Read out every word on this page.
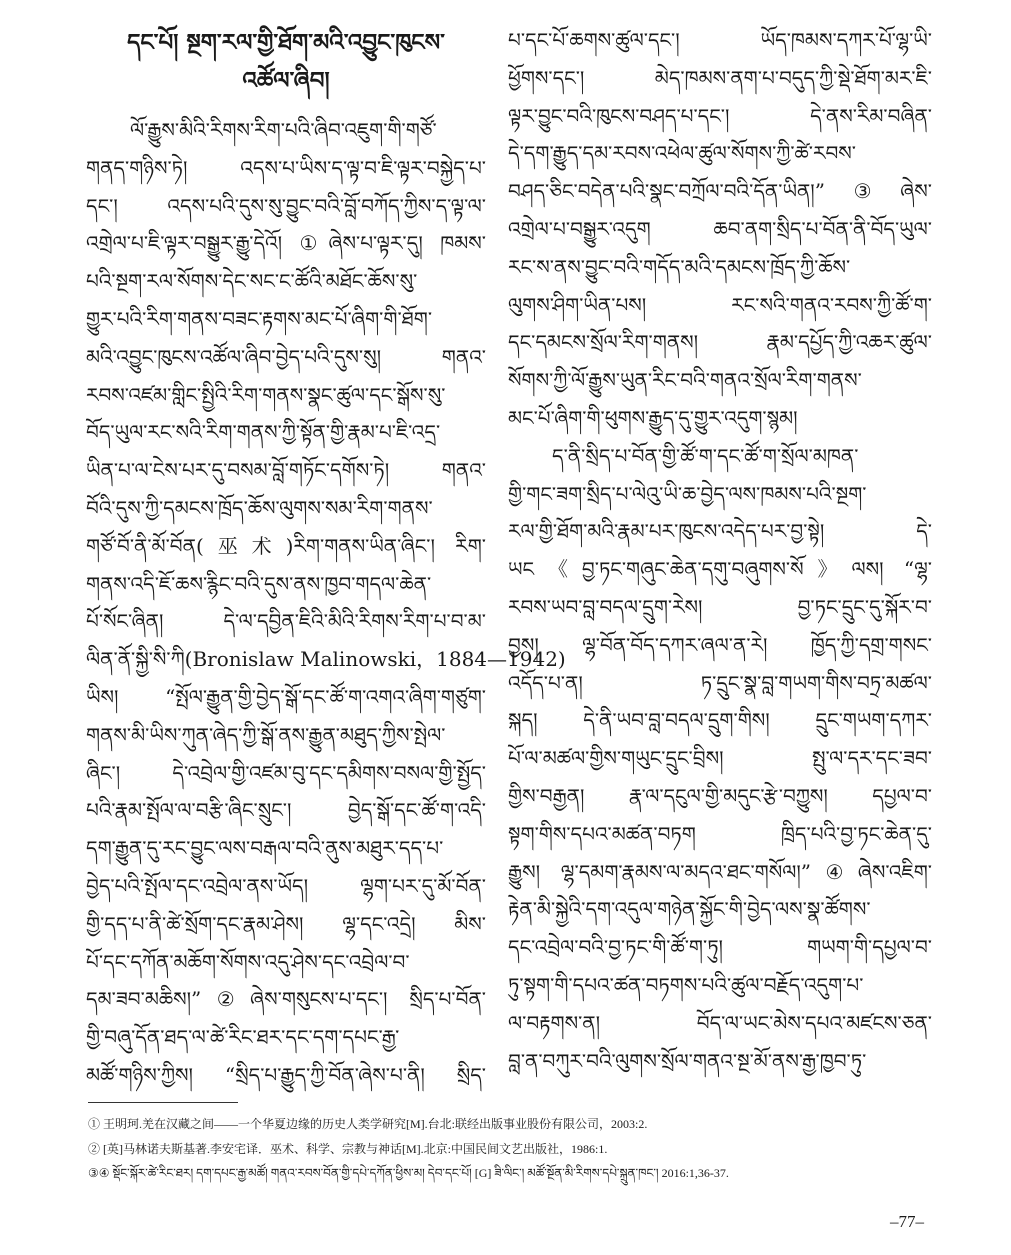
དང་པོ། སྔག་རལ་གྱི་ཐོག་མའི་འབྱུང་ཁུངས་
འཚོལ་ཞིབ།
ལོ་རྒྱུས་མིའི་རིགས་རིག་པའི་ཞིབ་འཇུག་གི་གཙོ་
གནད་གཉིས་ཏེ། འདས་པ་ཡིས་ད་ལྟ་བ་ཇི་ལྟར་བསྐྱེད་པ་
དང་། འདས་པའི་དུས་སུ་བྱུང་བའི་བློ་བཀོད་ཀྱིས་ད་ལྟ་ལ་
འགྲེལ་པ་ཇི་ལྟར་བསྒྱུར་རྒྱུ་དེའོ། ①ཞེས་པ་ལྟར་དུ། ཁམས་
པའི་སྔག་རལ་སོགས་དེང་སང་ང་ཚོའི་མཐོང་ཆོས་སུ་
གྱུར་པའི་རིག་གནས་བཟང་རྟགས་མང་པོ་ཞིག་གི་ཐོག་
མའི་འབྱུང་ཁུངས་འཚོལ་ཞིབ་བྱེད་པའི་དུས་སུ། གནའ་
རབས་འཛམ་གླིང་སྤྱིའི་རིག་གནས་སྣང་ཚུལ་དང་སྒོས་སུ་
བོད་ཡུལ་རང་སའི་རིག་གནས་ཀྱི་སྟོན་གྱི་རྣམ་པ་ཇི་འདྲ་
ཡིན་པ་ལ་ངེས་པར་དུ་བསམ་བློ་གཏོང་དགོས་ཏེ། གནའ་
བོའི་དུས་ཀྱི་དམངས་ཁྲོད་ཆོས་ལུགས་སམ་རིག་གནས་
གཙོ་བོ་ནི་མོ་བོན(巫术)རིག་གནས་ཡིན་ཞིང་། རིག་
གནས་འདི་ཇོ་ཆས་རྙིང་བའི་དུས་ནས་ཁྱབ་གདལ་ཆེན་
པོ་སོང་ཞིན། དེ་ལ་དབྱིན་ཇིའི་མིའི་རིགས་རིག་པ་བ་མ་
ལིན་ནོ་སྐྱི་སི་ཀི(Bronislaw Malinowski，1884—1942)
ཡིས། “སྤོལ་རྒྱུན་གྱི་བྱེད་སྒོ་དང་ཚོ་ག་འགའ་ཞིག་གཙུག་
གནས་མི་ཡིས་ཀུན་ཞེད་ཀྱི་སྒོ་ནས་རྒྱུན་མཐུད་ཀྱིས་སྤེལ་
ཞིང་། དེ་འབྲེལ་གྱི་འཛམ་བུ་དང་དམིགས་བསལ་གྱི་སྤྱོད་
པའི་རྣམ་སྤོལ་ལ་བརྩི་ཞིང་སྲུང་། བྱེད་སྒོ་དང་ཚོ་ག་འདི་
དག་རྒྱུན་དུ་རང་བྱུང་ལས་བརྒལ་བའི་ནུས་མཐུར་དད་པ་
བྱེད་པའི་སྤོལ་དང་འབྲེལ་ནས་ཡོད། ལྷག་པར་དུ་མོ་བོན་
གྱི་དད་པ་ནི་ཚེ་སྲོག་དང་རྣམ་ཤེས། ལྷ་དང་འདྲེ། མིས་
པོ་དང་དཀོན་མཆོག་སོགས་འདུ་ཤེས་དང་འབྲེལ་བ་
དམ་ཟབ་མཆིས།”②ཞེས་གསུངས་པ་དང་། སྲིད་པ་བོན་
གྱི་བཞུ་དོན་ཐད་ལ་ཚེ་རིང་ཐར་དང་དག་དཔང་རྒྱ་
མཚོ་གཉིས་ཀྱིས། “སྲིད་པ་རྒྱུད་ཀྱི་བོན་ཞེས་པ་ནི། སྲིད་
པ་དང་པོ་ཆགས་ཚུལ་དང་། ཡོད་ཁམས་དཀར་པོ་ལྷ་ཡི་
ཕྱོགས་དང་། མེད་ཁམས་ནག་པ་བདུད་ཀྱི་སྡེ་ཐོག་མར་ཇི་
ལྟར་བྱུང་བའི་ཁུངས་བཤད་པ་དང་། དེ་ནས་རིམ་བཞིན་
དེ་དག་རྒྱུད་དམ་རབས་འཕེལ་ཚུལ་སོགས་ཀྱི་ཚེ་རབས་
བཤད་ཅིང་བདེན་པའི་སྣང་བཀྲོལ་བའི་དོན་ཡིན།”③ཞེས་
འགྲེལ་པ་བསྒྱུར་འདུག ཆབ་ནག་སྲིད་པ་བོན་ནི་བོད་ཡུལ་
རང་ས་ནས་བྱུང་བའི་གདོད་མའི་དམངས་ཁྲོད་ཀྱི་ཆོས་
ལུགས་ཤིག་ཡིན་པས། རང་སའི་གནའ་རབས་ཀྱི་ཚོ་ག་
དང་དམངས་སྲོལ་རིག་གནས། རྣམ་དཔྱོད་ཀྱི་འཆར་ཚུལ་
སོགས་ཀྱི་ལོ་རྒྱུས་ཡུན་རིང་བའི་གནའ་སྲོལ་རིག་གནས་
མང་པོ་ཞིག་གི་ཕུགས་རྒྱུད་དུ་གྱུར་འདུག་སྙམ།
ད་ནི་སྲིད་པ་བོན་གྱི་ཚོ་ག་དང་ཚོ་ག་སྲོལ་མཁན་
གྱི་གང་ཟག་སྲིད་པ་ལེའུ་ཡི་ཆ་བྱེད་ལས་ཁམས་པའི་སྔག་
རལ་གྱི་ཐོག་མའི་རྣམ་པར་ཁུངས་འདེད་པར་བྱ་སྟེ། དེ་
ཡང《བྱ་ཏང་གཞུང་ཆེན་དགུ་བཞུགས་སོ》ལས། “ལྷ་
རབས་ཡབ་བླ་བདལ་དྲུག་རེས། བྱ་ཏང་དྲུང་དུ་སྐོར་བ་
བྱས། ལྷ་བོན་བོད་དཀར་ཞལ་ན་རེ། ཁྱོད་ཀྱི་དགྲ་གསང་
འདོད་པ་ན། ཏ་དྲུང་སྣ་བླ་གཡག་གིས་བཏྲ་མཚལ་
སྐད། དེ་ནི་ཡབ་བླ་བདལ་དྲུག་གིས། དྲུང་གཡག་དཀར་
པོ་ལ་མཚལ་གྱིས་གཡུང་དྲུང་བྲིས། སྤུ་ལ་དར་དང་ཟབ་
གྱིས་བརྒྱན། རྣ་ལ་དངུལ་གྱི་མདུང་རྩེ་བཀྱུས། དཔྱལ་བ་
སྟག་གིས་དཔའ་མཚན་བཏག ཁྲིད་པའི་བྱ་ཏང་ཆེན་དུ་
རྒྱུས། ལྷ་དམག་རྣམས་ལ་མདའ་ཐང་གསོལ།”④ཞེས་འཇིག་
རྟེན་མི་སྐྱེའི་དག་འདུལ་གཉེན་སྐྱོང་གི་བྱེད་ལས་སྣ་ཚོགས་
དང་འབྲེལ་བའི་བྱ་ཏང་གི་ཚོ་ག་ཏུ། གཡག་གི་དཔྱལ་བ་
ཏུ་སྟག་གི་དཔའ་ཚན་བཏགས་པའི་ཚུལ་བརྗོད་འདུག་པ་
ལ་བརྟགས་ན། བོད་ལ་ཡང་མེས་དཔའ་མཛངས་ཅན་
བླ་ན་བཀུར་བའི་ལུགས་སྲོལ་གནའ་སྔ་མོ་ནས་རྒྱ་ཁྱབ་ཏུ་
① 王明珂.羌在汉藏之间——一个华夏边缘的历史人类学研究[M].台北:联经出版事业股份有限公司，2003:2.
② [英]马林诺夫斯基著.李安宅译．巫术、科学、宗教与神话[M].北京:中国民间文艺出版社，1986:1.
③④ སྡོང་སྐོར་ཚེ་རིང་ཐར། དག་དཔང་རྒྱ་མཚོ། གནའ་རབས་བོན་གྱི་དཔེ་དཀོན་ཕྱིས་མ། དེབ་དང་པོ། [G] ཟི་ལིང་། མཚོ་སྔོན་མི་རིགས་དཔེ་སྐྲུན་ཁང་། 2016:1,36-37.
–77–
